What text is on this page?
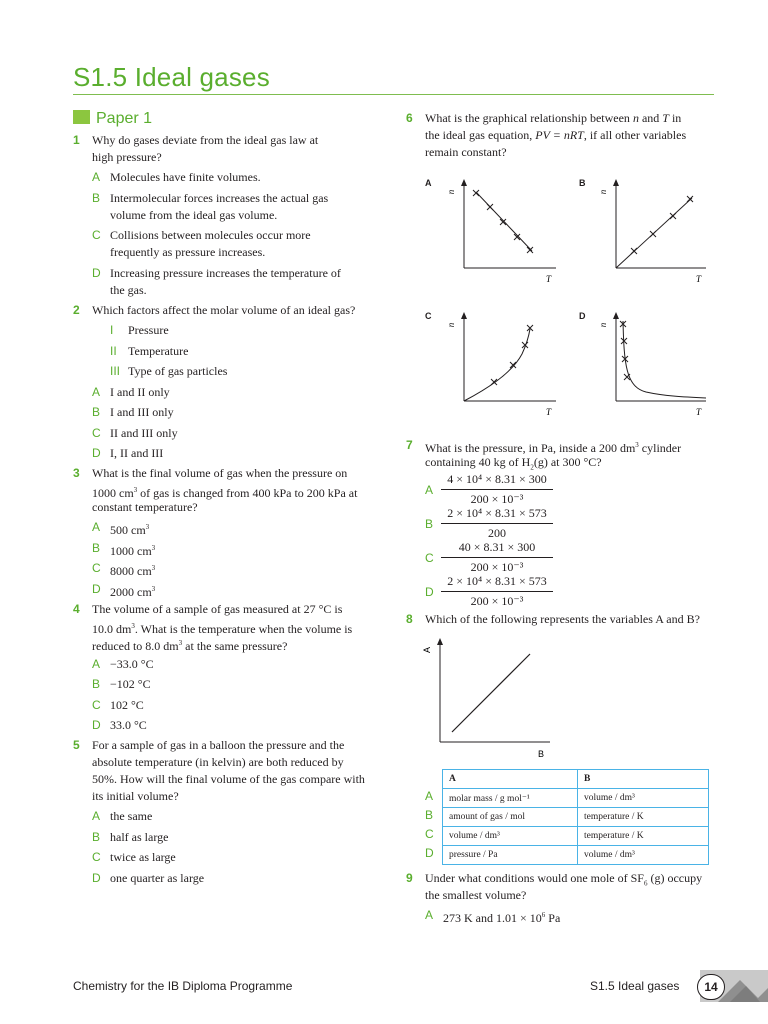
S1.5 Ideal gases
Paper 1
1 Why do gases deviate from the ideal gas law at
high pressure?
A Molecules have finite volumes.
B Intermolecular forces increases the actual gas
volume from the ideal gas volume.
C Collisions between molecules occur more
frequently as pressure increases.
D Increasing pressure increases the temperature of
the gas.
2 Which factors affect the molar volume of an ideal gas?
I Pressure
II Temperature
III Type of gas particles
A I and II only
B I and III only
C II and III only
D I, II and III
3 What is the final volume of gas when the pressure on
1000 $cm^3$ of gas is changed from 400 kPa to 200 kPa at
constant temperature?
A 500 $cm^3$
B 1000 $cm^3$
C 8000 $cm^3$
D 2000 $cm^3$
4 The volume of a sample of gas measured at 27 °C is
10.0 $dm^3$. What is the temperature when the volume is
reduced to 8.0 $dm^3$ at the same pressure?
A −33.0 °C
B −102 °C
C 102 °C
D 33.0 °C
5 For a sample of gas in a balloon the pressure and the
absolute temperature (in kelvin) are both reduced by
50%. How will the final volume of the gas compare with
its initial volume?
A the same
B half as large
C twice as large
D one quarter as large
6 What is the graphical relationship between n and T in
the ideal gas equation, PV = nRT, if all other variables
remain constant?
A	B
C	D
n
T
n
T
n
T
n
T
7 What is the pressure, in Pa, inside a 200 $dm^3$ cylinder
containing 40 kg of $H_2(g)$ at 300 °C?
A $\frac{\text{4 × 10⁴ × 8.31 × 300}}{\text{200 × 10⁻³}}$
B $\frac{\text{2 × 10⁴ × 8.31 × 573}}{200}$
C $\frac{40 \times 8.31 \times 300}{\text{200 × 10⁻³}}$
D $\frac{\text{2 × 10⁴ × 8.31 × 573}}{\text{200 × 10⁻³}}$
8 Which of the following represents the variables A and B?
A
B
A
B
C
D
A	B
molar mass / g mol⁻¹	volume / dm³
amount of gas / mol	temperature / K
volume / dm³	temperature / K
pressure / Pa	volume / dm³
9 Under what conditions would one mole of $SF_6$ (g) occupy
the smallest volume?
A 273 K and $1.01 \times 10^6$ Pa
Chemistry for the IB Diploma Programme	S1.5 Ideal gases	14
